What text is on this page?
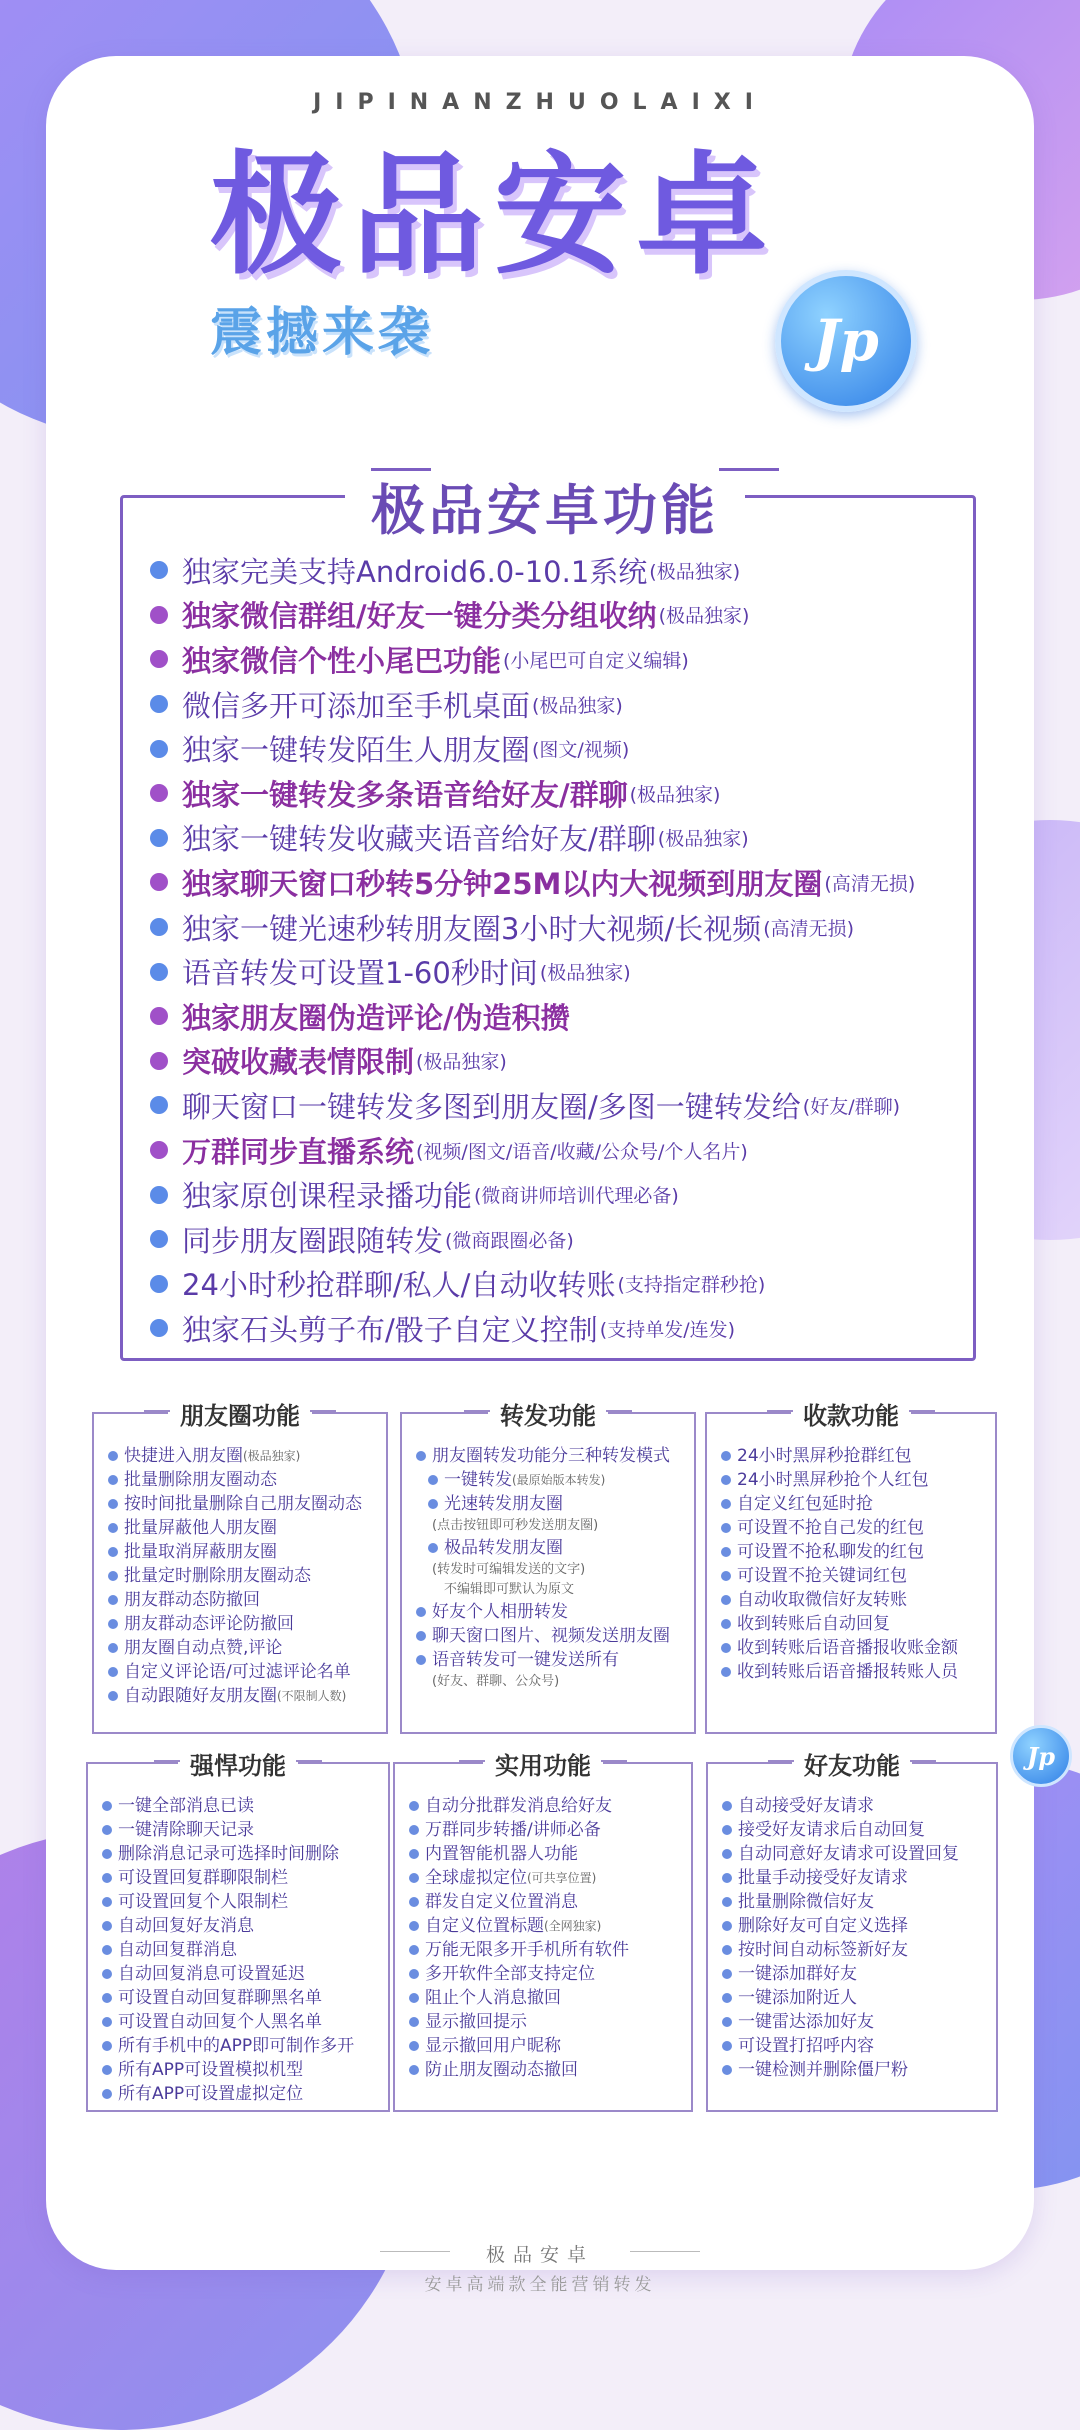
JIPINANZHUOLAIXI
极品安卓
震撼来袭	Jp
极品安卓功能
独家完美支持Android6.0-10.1系统 (极品独家)
独家微信群组/好友一键分类分组收纳 (极品独家)
独家微信个性小尾巴功能 (小尾巴可自定义编辑)
微信多开可添加至手机桌面 (极品独家)
独家一键转发陌生人朋友圈 (图文/视频)
独家一键转发多条语音给好友/群聊 (极品独家)
独家一键转发收藏夹语音给好友/群聊 (极品独家)
独家聊天窗口秒转5分钟25M以内大视频到朋友圈 (高清无损)
独家一键光速秒转朋友圈3小时大视频/长视频 (高清无损)
语音转发可设置1-60秒时间 (极品独家)
独家朋友圈伪造评论/伪造积攒
突破收藏表情限制 (极品独家)
聊天窗口一键转发多图到朋友圈/多图一键转发给 (好友/群聊)
万群同步直播系统 (视频/图文/语音/收藏/公众号/个人名片)
独家原创课程录播功能 (微商讲师培训代理必备)
同步朋友圈跟随转发 (微商跟圈必备)
24小时秒抢群聊/私人/自动收转账 (支持指定群秒抢)
独家石头剪子布/骰子自定义控制 (支持单发/连发)
朋友圈功能
快捷进入朋友圈 (极品独家)
批量删除朋友圈动态
按时间批量删除自己朋友圈动态
批量屏蔽他人朋友圈
批量取消屏蔽朋友圈
批量定时删除朋友圈动态
朋友群动态防撤回
朋友群动态评论防撤回
朋友圈自动点赞,评论
自定义评论语/可过滤评论名单
自动跟随好友朋友圈 (不限制人数)
转发功能
朋友圈转发功能分三种转发模式
一键转发 (最原始版本转发)
光速转发朋友圈
(点击按钮即可秒发送朋友圈)
极品转发朋友圈
(转发时可编辑发送的文字)
不编辑即可默认为原文
好友个人相册转发
聊天窗口图片、视频发送朋友圈
语音转发可一键发送所有
(好友、群聊、公众号)
收款功能
24小时黑屏秒抢群红包
24小时黑屏秒抢个人红包
自定义红包延时抢
可设置不抢自己发的红包
可设置不抢私聊发的红包
可设置不抢关键词红包
自动收取微信好友转账
收到转账后自动回复
收到转账后语音播报收账金额
收到转账后语音播报转账人员
Jp
强悍功能
一键全部消息已读
一键清除聊天记录
删除消息记录可选择时间删除
可设置回复群聊限制栏
可设置回复个人限制栏
自动回复好友消息
自动回复群消息
自动回复消息可设置延迟
可设置自动回复群聊黑名单
可设置自动回复个人黑名单
所有手机中的APP即可制作多开
所有APP可设置模拟机型
所有APP可设置虚拟定位
实用功能
自动分批群发消息给好友
万群同步转播/讲师必备
内置智能机器人功能
全球虚拟定位 (可共享位置)
群发自定义位置消息
自定义位置标题 (全网独家)
万能无限多开手机所有软件
多开软件全部支持定位
阻止个人消息撤回
显示撤回提示
显示撤回用户昵称
防止朋友圈动态撤回
好友功能
自动接受好友请求
接受好友请求后自动回复
自动同意好友请求可设置回复
批量手动接受好友请求
批量删除微信好友
删除好友可自定义选择
按时间自动标签新好友
一键添加群好友
一键添加附近人
一键雷达添加好友
可设置打招呼内容
一键检测并删除僵尸粉
极品安卓
安卓高端款全能营销转发
